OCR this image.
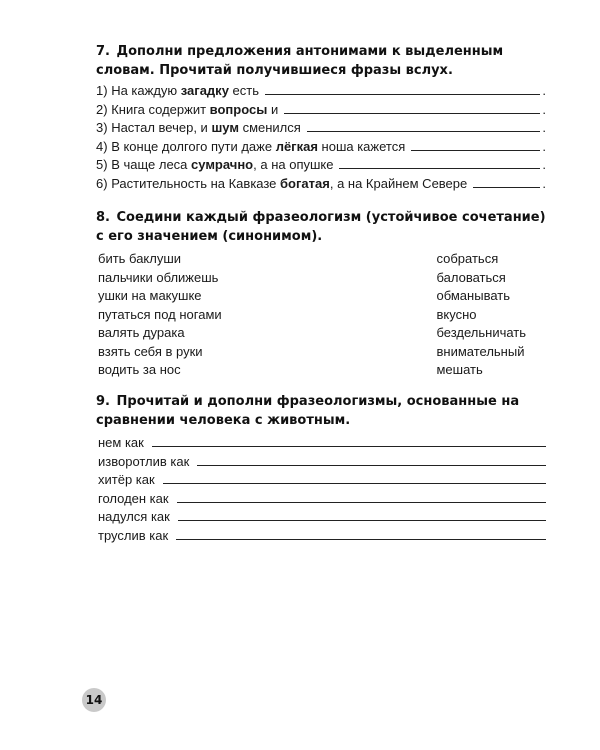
7. Дополни предложения антонимами к выделенным словам. Прочитай получившиеся фразы вслух.

1)
На каждую загадку есть	.
2)
Книга содержит вопросы и	.
3)
Настал вечер, и шум сменился	.
4)
В конце долгого пути даже лёгкая ноша кажется	.
5)
В чаще леса сумрачно , а на опушке	.
6)
Растительность на Кавказе богатая , а на Крайнем Севере	.

8. Соедини каждый фразеологизм (устойчивое сочетание) с его значением (синонимом).

бить баклуши
пальчики оближешь
ушки на макушке
путаться под ногами
валять дурака
взять себя в руки
водить за нос
собраться
баловаться
обманывать
вкусно
бездельничать
внимательный
мешать

9. Прочитай и дополни фразеологизмы, основанные на сравнении человека с животным.

нем как
изворотлив как
хитёр как
голоден как
надулся как
труслив как
14
